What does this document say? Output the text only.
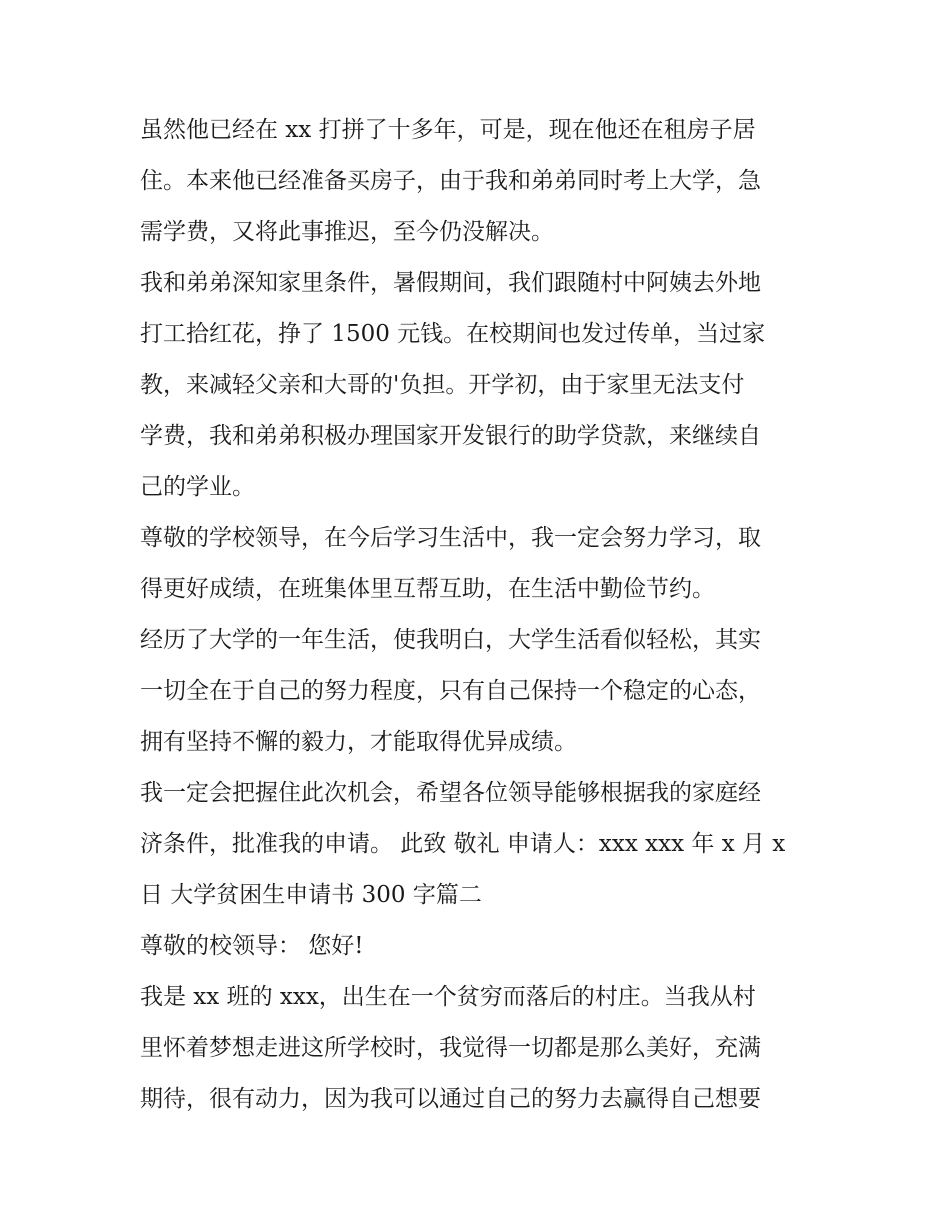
虽然他已经在 xx 打拼了十多年，可是，现在他还在租房子居
住。本来他已经准备买房子，由于我和弟弟同时考上大学，急
需学费，又将此事推迟，至今仍没解决。
我和弟弟深知家里条件，暑假期间，我们跟随村中阿姨去外地
打工拾红花，挣了 1500 元钱。在校期间也发过传单，当过家
教，来减轻父亲和大哥的'负担。开学初，由于家里无法支付
学费，我和弟弟积极办理国家开发银行的助学贷款，来继续自
己的学业。
尊敬的学校领导，在今后学习生活中，我一定会努力学习，取
得更好成绩，在班集体里互帮互助，在生活中勤俭节约。
经历了大学的一年生活，使我明白，大学生活看似轻松，其实
一切全在于自己的努力程度，只有自己保持一个稳定的心态，
拥有坚持不懈的毅力，才能取得优异成绩。
我一定会把握住此次机会，希望各位领导能够根据我的家庭经
济条件，批准我的申请。 此致 敬礼 申请人：xxx xxx 年 x 月 x
日 大学贫困生申请书 300 字篇二
尊敬的校领导： 您好!
我是 xx 班的 xxx，出生在一个贫穷而落后的村庄。当我从村
里怀着梦想走进这所学校时，我觉得一切都是那么美好，充满
期待，很有动力，因为我可以通过自己的努力去赢得自己想要
